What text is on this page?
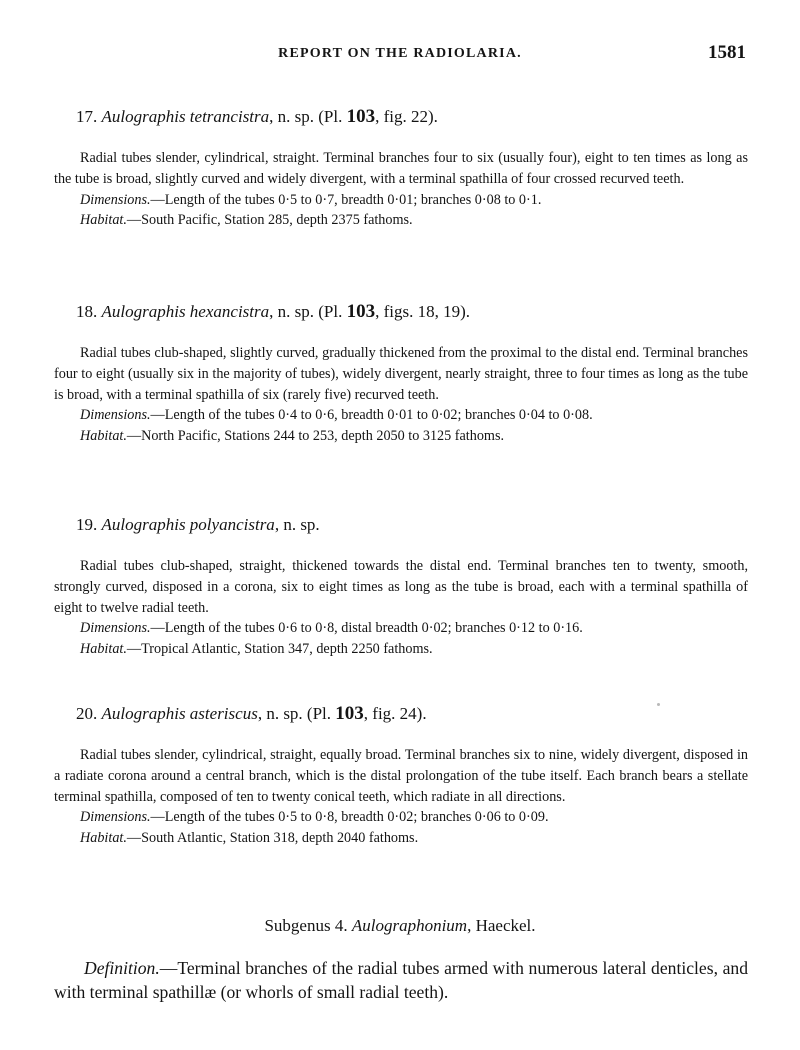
REPORT ON THE RADIOLARIA.	1581
17. Aulographis tetrancistra, n. sp. (Pl. 103, fig. 22).
Radial tubes slender, cylindrical, straight. Terminal branches four to six (usually four), eight to ten times as long as the tube is broad, slightly curved and widely divergent, with a terminal spathilla of four crossed recurved teeth.
Dimensions.—Length of the tubes 0·5 to 0·7, breadth 0·01; branches 0·08 to 0·1.
Habitat.—South Pacific, Station 285, depth 2375 fathoms.
18. Aulographis hexancistra, n. sp. (Pl. 103, figs. 18, 19).
Radial tubes club-shaped, slightly curved, gradually thickened from the proximal to the distal end. Terminal branches four to eight (usually six in the majority of tubes), widely divergent, nearly straight, three to four times as long as the tube is broad, with a terminal spathilla of six (rarely five) recurved teeth.
Dimensions.—Length of the tubes 0·4 to 0·6, breadth 0·01 to 0·02; branches 0·04 to 0·08.
Habitat.—North Pacific, Stations 244 to 253, depth 2050 to 3125 fathoms.
19. Aulographis polyancistra, n. sp.
Radial tubes club-shaped, straight, thickened towards the distal end. Terminal branches ten to twenty, smooth, strongly curved, disposed in a corona, six to eight times as long as the tube is broad, each with a terminal spathilla of eight to twelve radial teeth.
Dimensions.—Length of the tubes 0·6 to 0·8, distal breadth 0·02; branches 0·12 to 0·16.
Habitat.—Tropical Atlantic, Station 347, depth 2250 fathoms.
20. Aulographis asteriscus, n. sp. (Pl. 103, fig. 24).
Radial tubes slender, cylindrical, straight, equally broad. Terminal branches six to nine, widely divergent, disposed in a radiate corona around a central branch, which is the distal prolongation of the tube itself. Each branch bears a stellate terminal spathilla, composed of ten to twenty conical teeth, which radiate in all directions.
Dimensions.—Length of the tubes 0·5 to 0·8, breadth 0·02; branches 0·06 to 0·09.
Habitat.—South Atlantic, Station 318, depth 2040 fathoms.
Subgenus 4. Aulographonium, Haeckel.
Definition.—Terminal branches of the radial tubes armed with numerous lateral denticles, and with terminal spathillæ (or whorls of small radial teeth).
